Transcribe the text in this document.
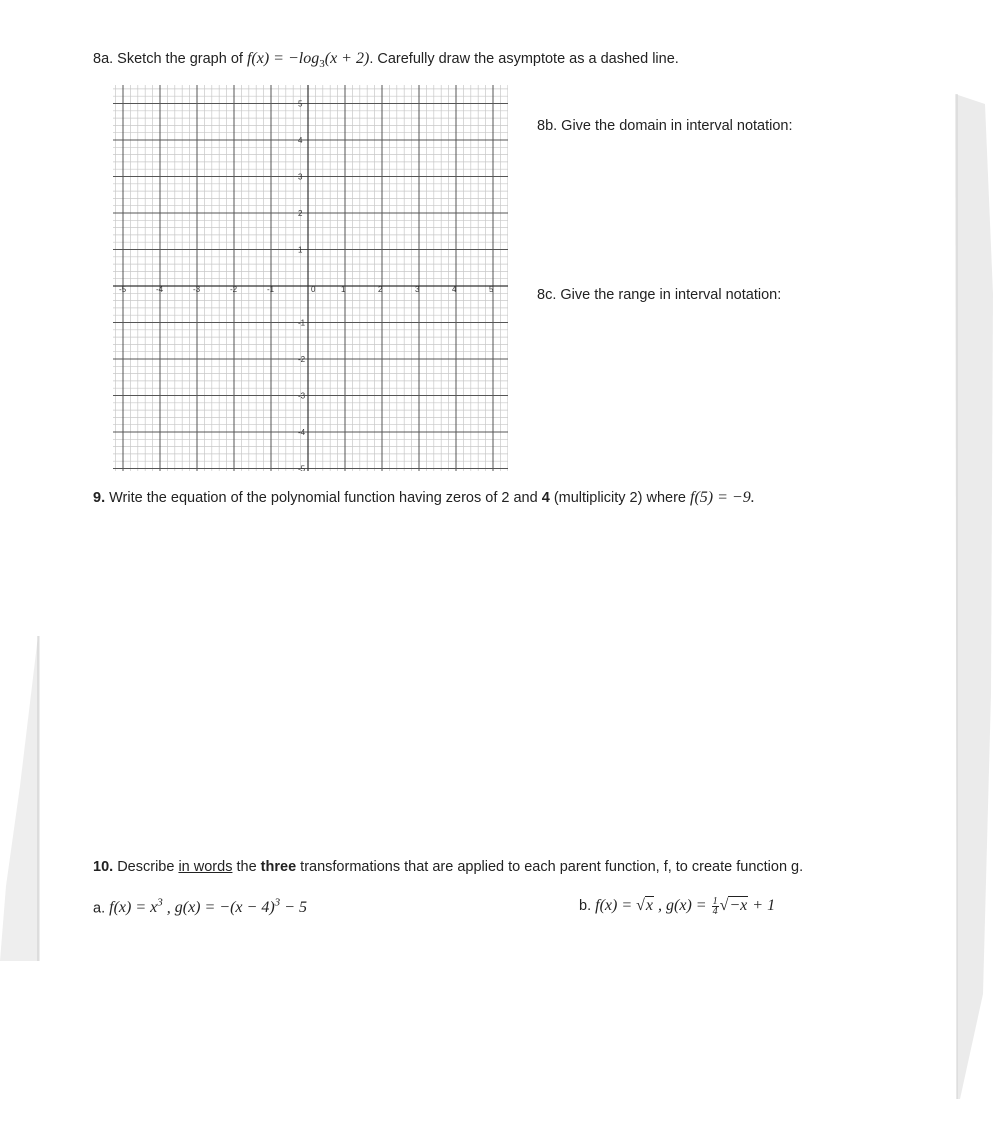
8a. Sketch the graph of $f(x) = -\log_3(x + 2)$. Carefully draw the asymptote as a dashed line.
-5	-4	-3	-2	-1	0	1	2	3	4	5
5
4
3
2
1
-1
-2
-3
-4
-5
8b. Give the domain in interval notation:
8c. Give the range in interval notation:
9. Write the equation of the polynomial function having zeros of 2 and 4 (multiplicity 2) where f(5) = −9.
10. Describe in words the three transformations that are applied to each parent function, f, to create function g.
a. $f(x) = x^3$ , $g(x) = -(x - 4)^3 - 5$	b. f(x) = √x , $g(x) = \frac{1}{4} √-x + 1$
